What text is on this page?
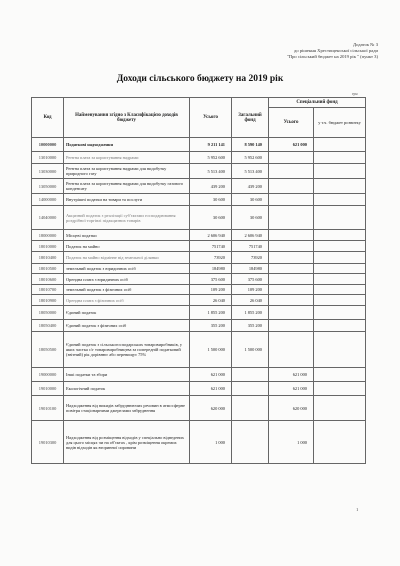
Додаток № 3
до рішення Хрестищенської сільської ради
"Про сільський бюджет на 2019 рік " (пункт 3)
Доходи сільського бюджету на 2019 рік
грн
Код	Найменування згідно з Класифікацією доходів бюджету	Усього	Загальний фонд	Спеціальний фонд	
				Усього	у т.ч. бюджет розвитку
10000000	Податкові надходження	9 211 141	8 590 140	621 000	
13010000	Рентна плата за користування надрами	5 952 600	5 952 600		
13030000	Рентна плата за користування надрами для видобутку природного газу	5 513 400	5 513 400		
13050000	Рентна плата за користування надрами для видобутку газового конденсату	439 200	439 200		
14000000	Внутрішні податки на товари та послуги	30 600	30 600		
14040000	Акцизний податок з реалізації суб'єктами господарювання роздрібної торгівлі підакцизних товарів	30 600	30 600		
18000000	Місцеві податки	2 606 940	2 606 940		
18010000	Податок на майно	751740	751740		
18010400	Податок на майно відмінне від земельної ділянки	73920	73920		
18010500	земельний податок з юридичних осіб	184980	184980		
18010600	Орендна плата з юридичних осіб	375 600	375 600		
18010700	земельний податок з фізичних осіб	109 200	109 200		
18010900	Орендна плата з фізичних осіб	26 040	26 040		
18050000	Єдиний податок	1 855 200	1 855 200		
18050400	Єдиний податок з фізичних осіб	355 200	355 200		
18050500	Єдиний податок з сільськогосподарських товаровиробників, у яких частка с/г товаровиробництва за попередній податковий (звітний) рік дорівнює або перевищує 75%	1 500 000	1 500 000		
19000000	Інші податки та збори	621 000		621 000	
19010000	Екологічний податок	621 000		621 000	
19010100	Надходження від викидів забруднюючих речовин в атмосферне повітря стаціонарними джерелами забруднення	620 000		620 000	
19010300	Надходження від розміщення відходів у спеціально відведених для цього місцях чи на об'єктах , крім розміщення окремих видів відходів як вторинної сировини	1 000		1 000	
1
